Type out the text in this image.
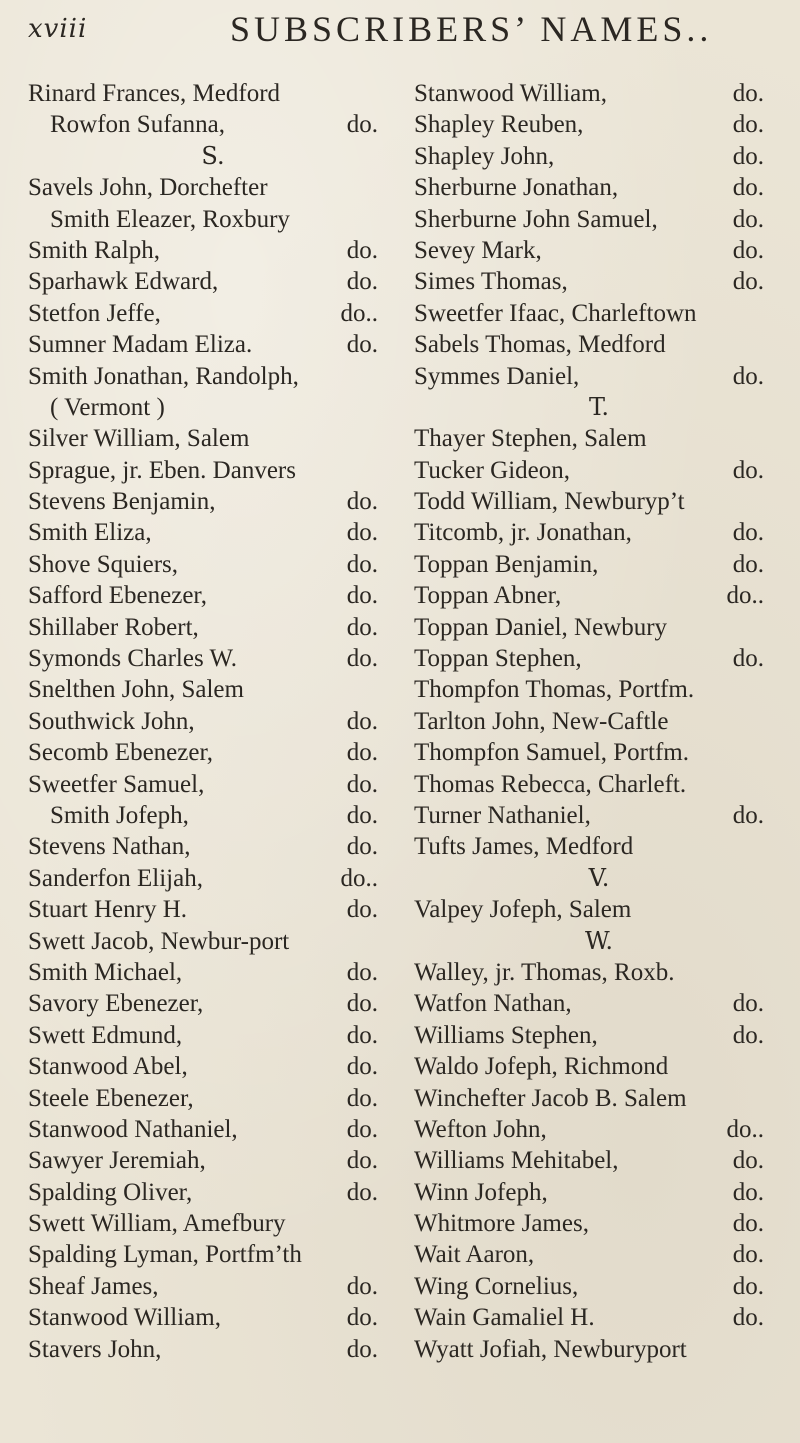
xviii	SUBSCRIBERS’ NAMES..
Rinard Frances, Medford
Rowfon Sufanna,	do.
S.
Savels John, Dorchefter
Smith Eleazer, Roxbury
Smith Ralph,	do.
Sparhawk Edward,	do.
Stetfon Jeffe,	do..
Sumner Madam Eliza.	do.
Smith Jonathan, Randolph,
( Vermont )
Silver William, Salem
Sprague, jr. Eben. Danvers
Stevens Benjamin,	do.
Smith Eliza,	do.
Shove Squiers,	do.
Safford Ebenezer,	do.
Shillaber Robert,	do.
Symonds Charles W.	do.
Snelthen John, Salem
Southwick John,	do.
Secomb Ebenezer,	do.
Sweetfer Samuel,	do.
Smith Jofeph,	do.
Stevens Nathan,	do.
Sanderfon Elijah,	do..
Stuart Henry H.	do.
Swett Jacob, Newbur-port
Smith Michael,	do.
Savory Ebenezer,	do.
Swett Edmund,	do.
Stanwood Abel,	do.
Steele Ebenezer,	do.
Stanwood Nathaniel,	do.
Sawyer Jeremiah,	do.
Spalding Oliver,	do.
Swett William, Amefbury
Spalding Lyman, Portfm’th
Sheaf James,	do.
Stanwood William,	do.
Stavers John,	do.
Stanwood William,	do.
Shapley Reuben,	do.
Shapley John,	do.
Sherburne Jonathan,	do.
Sherburne John Samuel,	do.
Sevey Mark,	do.
Simes Thomas,	do.
Sweetfer Ifaac, Charleftown
Sabels Thomas, Medford
Symmes Daniel,	do.
T.
Thayer Stephen, Salem
Tucker Gideon,	do.
Todd William, Newburyp’t
Titcomb, jr. Jonathan,	do.
Toppan Benjamin,	do.
Toppan Abner,	do..
Toppan Daniel, Newbury
Toppan Stephen,	do.
Thompfon Thomas, Portfm.
Tarlton John, New-Caftle
Thompfon Samuel, Portfm.
Thomas Rebecca, Charleft.
Turner Nathaniel,	do.
Tufts James, Medford
V.
Valpey Jofeph, Salem
W.
Walley, jr. Thomas, Roxb.
Watfon Nathan,	do.
Williams Stephen,	do.
Waldo Jofeph, Richmond
Winchefter Jacob B. Salem
Wefton John,	do..
Williams Mehitabel,	do.
Winn Jofeph,	do.
Whitmore James,	do.
Wait Aaron,	do.
Wing Cornelius,	do.
Wain Gamaliel H.	do.
Wyatt Jofiah, Newburyport
